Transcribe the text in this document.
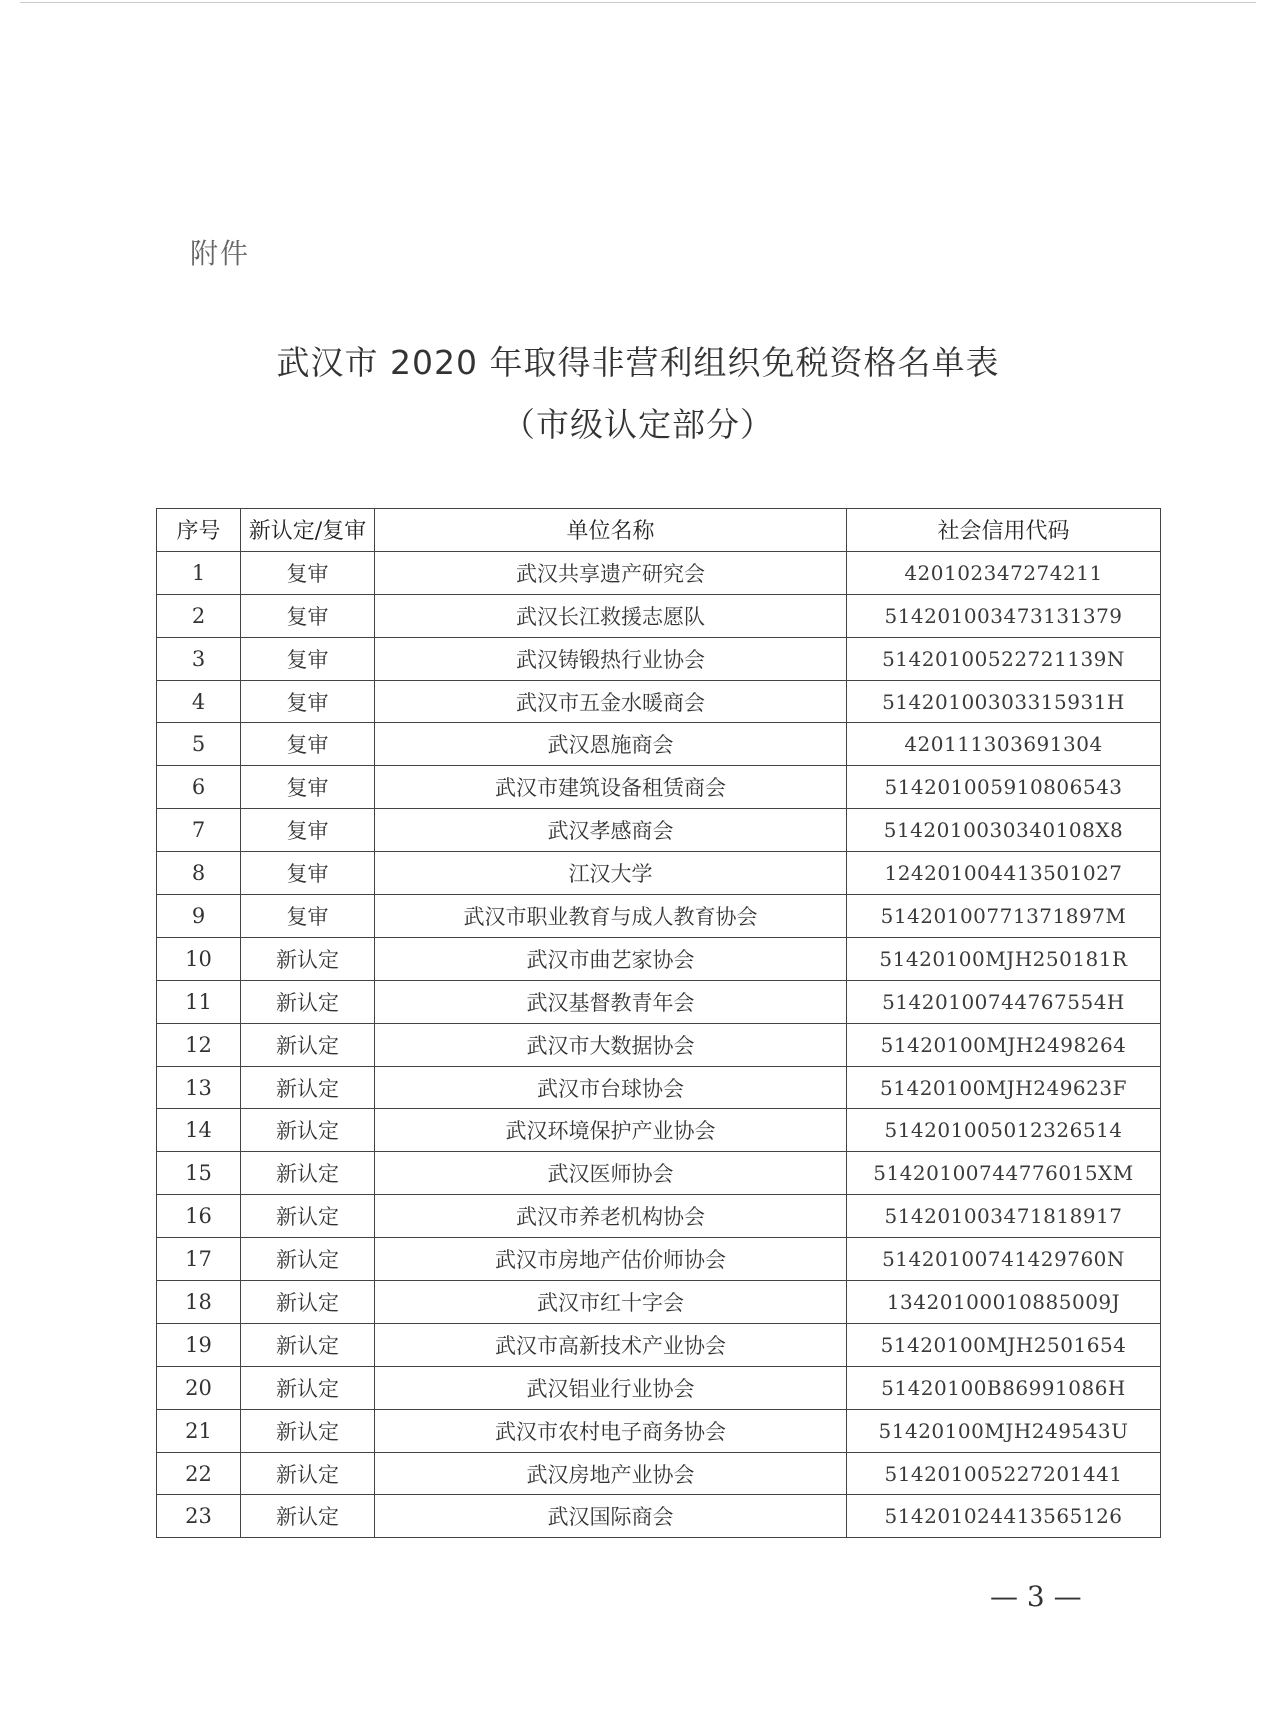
附件
武汉市 2020 年取得非营利组织免税资格名单表
（市级认定部分）
序号	新认定/复审	单位名称	社会信用代码
1	复审	武汉共享遗产研究会	420102347274211
2	复审	武汉长江救援志愿队	514201003473131379
3	复审	武汉铸锻热行业协会	51420100522721139N
4	复审	武汉市五金水暖商会	51420100303315931H
5	复审	武汉恩施商会	420111303691304
6	复审	武汉市建筑设备租赁商会	514201005910806543
7	复审	武汉孝感商会	5142010030340108X8
8	复审	江汉大学	124201004413501027
9	复审	武汉市职业教育与成人教育协会	51420100771371897M
10	新认定	武汉市曲艺家协会	51420100MJH250181R
11	新认定	武汉基督教青年会	51420100744767554H
12	新认定	武汉市大数据协会	51420100MJH2498264
13	新认定	武汉市台球协会	51420100MJH249623F
14	新认定	武汉环境保护产业协会	514201005012326514
15	新认定	武汉医师协会	51420100744776015XM
16	新认定	武汉市养老机构协会	514201003471818917
17	新认定	武汉市房地产估价师协会	51420100741429760N
18	新认定	武汉市红十字会	13420100010885009J
19	新认定	武汉市高新技术产业协会	51420100MJH2501654
20	新认定	武汉铝业行业协会	51420100B86991086H
21	新认定	武汉市农村电子商务协会	51420100MJH249543U
22	新认定	武汉房地产业协会	514201005227201441
23	新认定	武汉国际商会	514201024413565126
— 3 —
